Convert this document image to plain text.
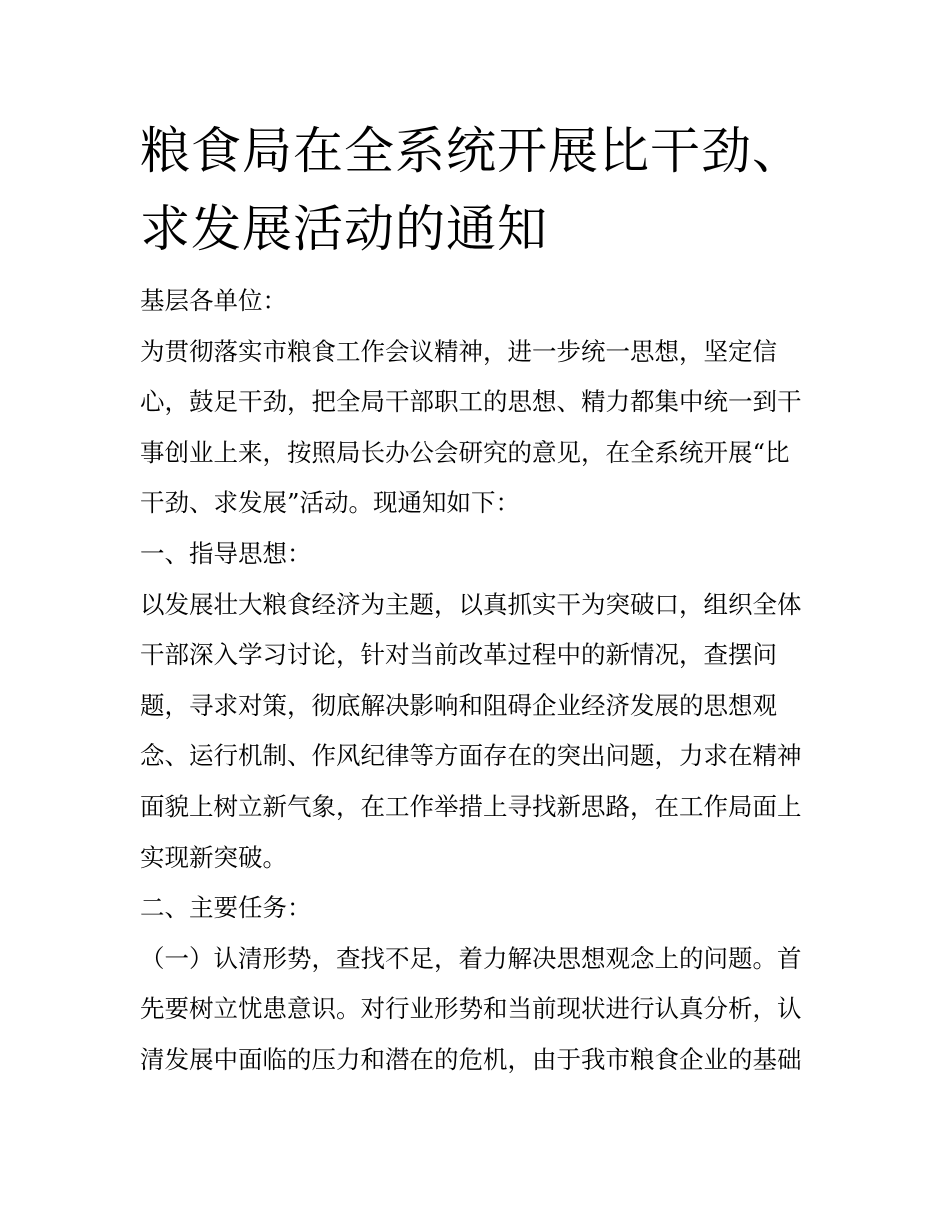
粮食局在全系统开展比干劲、
求发展活动的通知

基层各单位：

为贯彻落实市粮食工作会议精神，进一步统一思想，坚定信
心，鼓足干劲，把全局干部职工的思想、精力都集中统一到干
事创业上来，按照局长办公会研究的意见，在全系统开展“比
干劲、求发展”活动。现通知如下：

一、指导思想：

以发展壮大粮食经济为主题，以真抓实干为突破口，组织全体
干部深入学习讨论，针对当前改革过程中的新情况，查摆问
题，寻求对策，彻底解决影响和阻碍企业经济发展的思想观
念、运行机制、作风纪律等方面存在的突出问题，力求在精神
面貌上树立新气象，在工作举措上寻找新思路，在工作局面上
实现新突破。

二、主要任务：

（一）认清形势，查找不足，着力解决思想观念上的问题。首
先要树立忧患意识。对行业形势和当前现状进行认真分析，认
清发展中面临的压力和潜在的危机，由于我市粮食企业的基础
